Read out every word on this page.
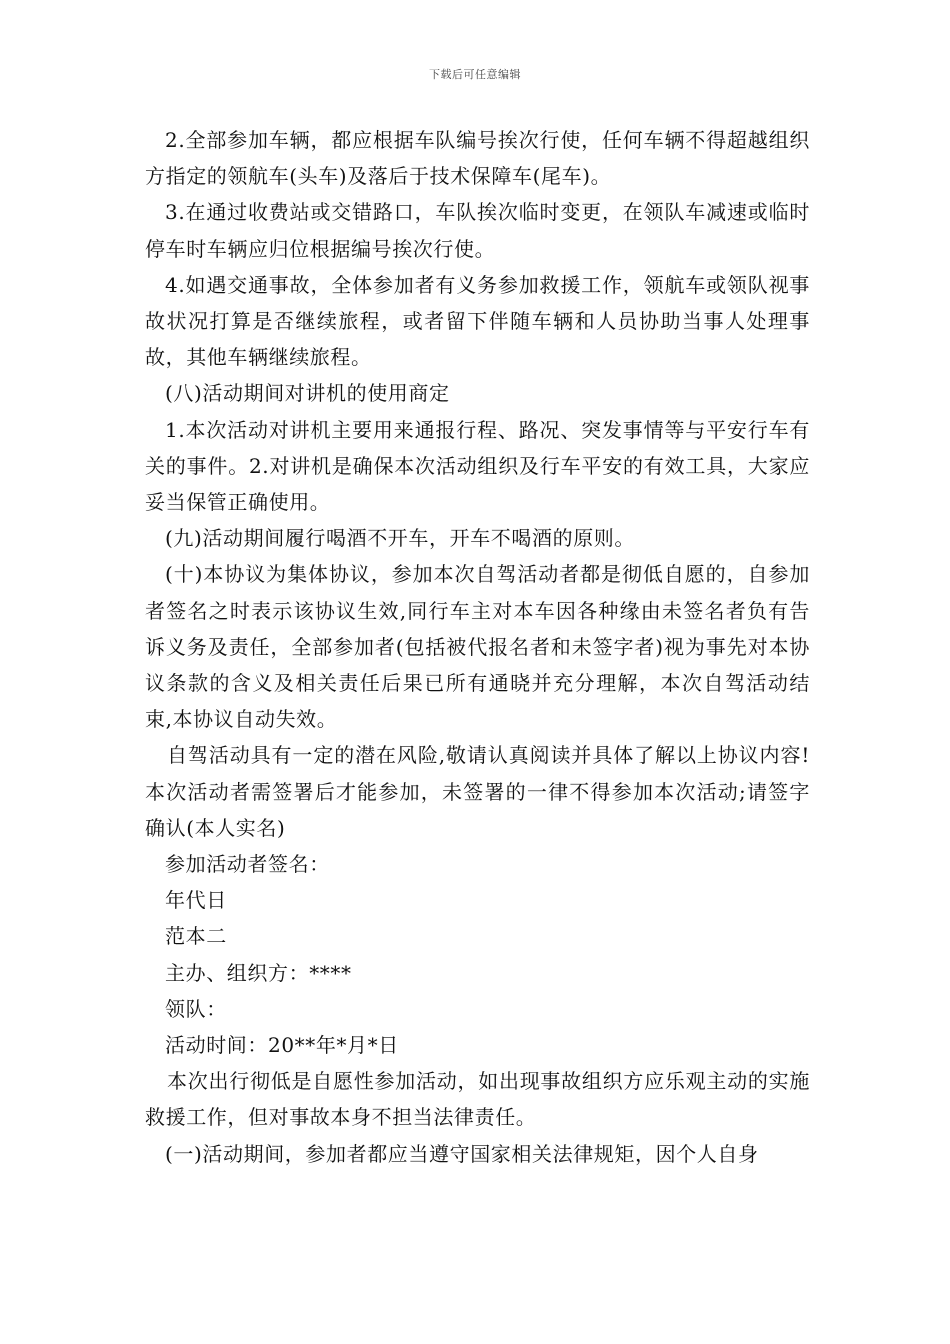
下载后可任意编辑

2.全部参加车辆，都应根据车队编号挨次行使，任何车辆不得超越组织方指定的领航车(头车)及落后于技术保障车(尾车)。

3.在通过收费站或交错路口，车队挨次临时变更，在领队车减速或临时停车时车辆应归位根据编号挨次行使。

4.如遇交通事故，全体参加者有义务参加救援工作，领航车或领队视事故状况打算是否继续旅程，或者留下伴随车辆和人员协助当事人处理事故，其他车辆继续旅程。

(八)活动期间对讲机的使用商定

1.本次活动对讲机主要用来通报行程、路况、突发事情等与平安行车有关的事件。2.对讲机是确保本次活动组织及行车平安的有效工具，大家应妥当保管正确使用。

(九)活动期间履行喝酒不开车，开车不喝酒的原则。

(十)本协议为集体协议，参加本次自驾活动者都是彻低自愿的，自参加者签名之时表示该协议生效,同行车主对本车因各种缘由未签名者负有告诉义务及责任，全部参加者(包括被代报名者和未签字者)视为事先对本协议条款的含义及相关责任后果已所有通晓并充分理解，本次自驾活动结束,本协议自动失效。

自驾活动具有一定的潜在风险,敬请认真阅读并具体了解以上协议内容!本次活动者需签署后才能参加，未签署的一律不得参加本次活动;请签字确认(本人实名)

参加活动者签名：

年代日

范本二

主办、组织方：****

领队：

活动时间：20**年*月*日

本次出行彻低是自愿性参加活动，如出现事故组织方应乐观主动的实施救援工作，但对事故本身不担当法律责任。

(一)活动期间，参加者都应当遵守国家相关法律规矩，因个人自身
